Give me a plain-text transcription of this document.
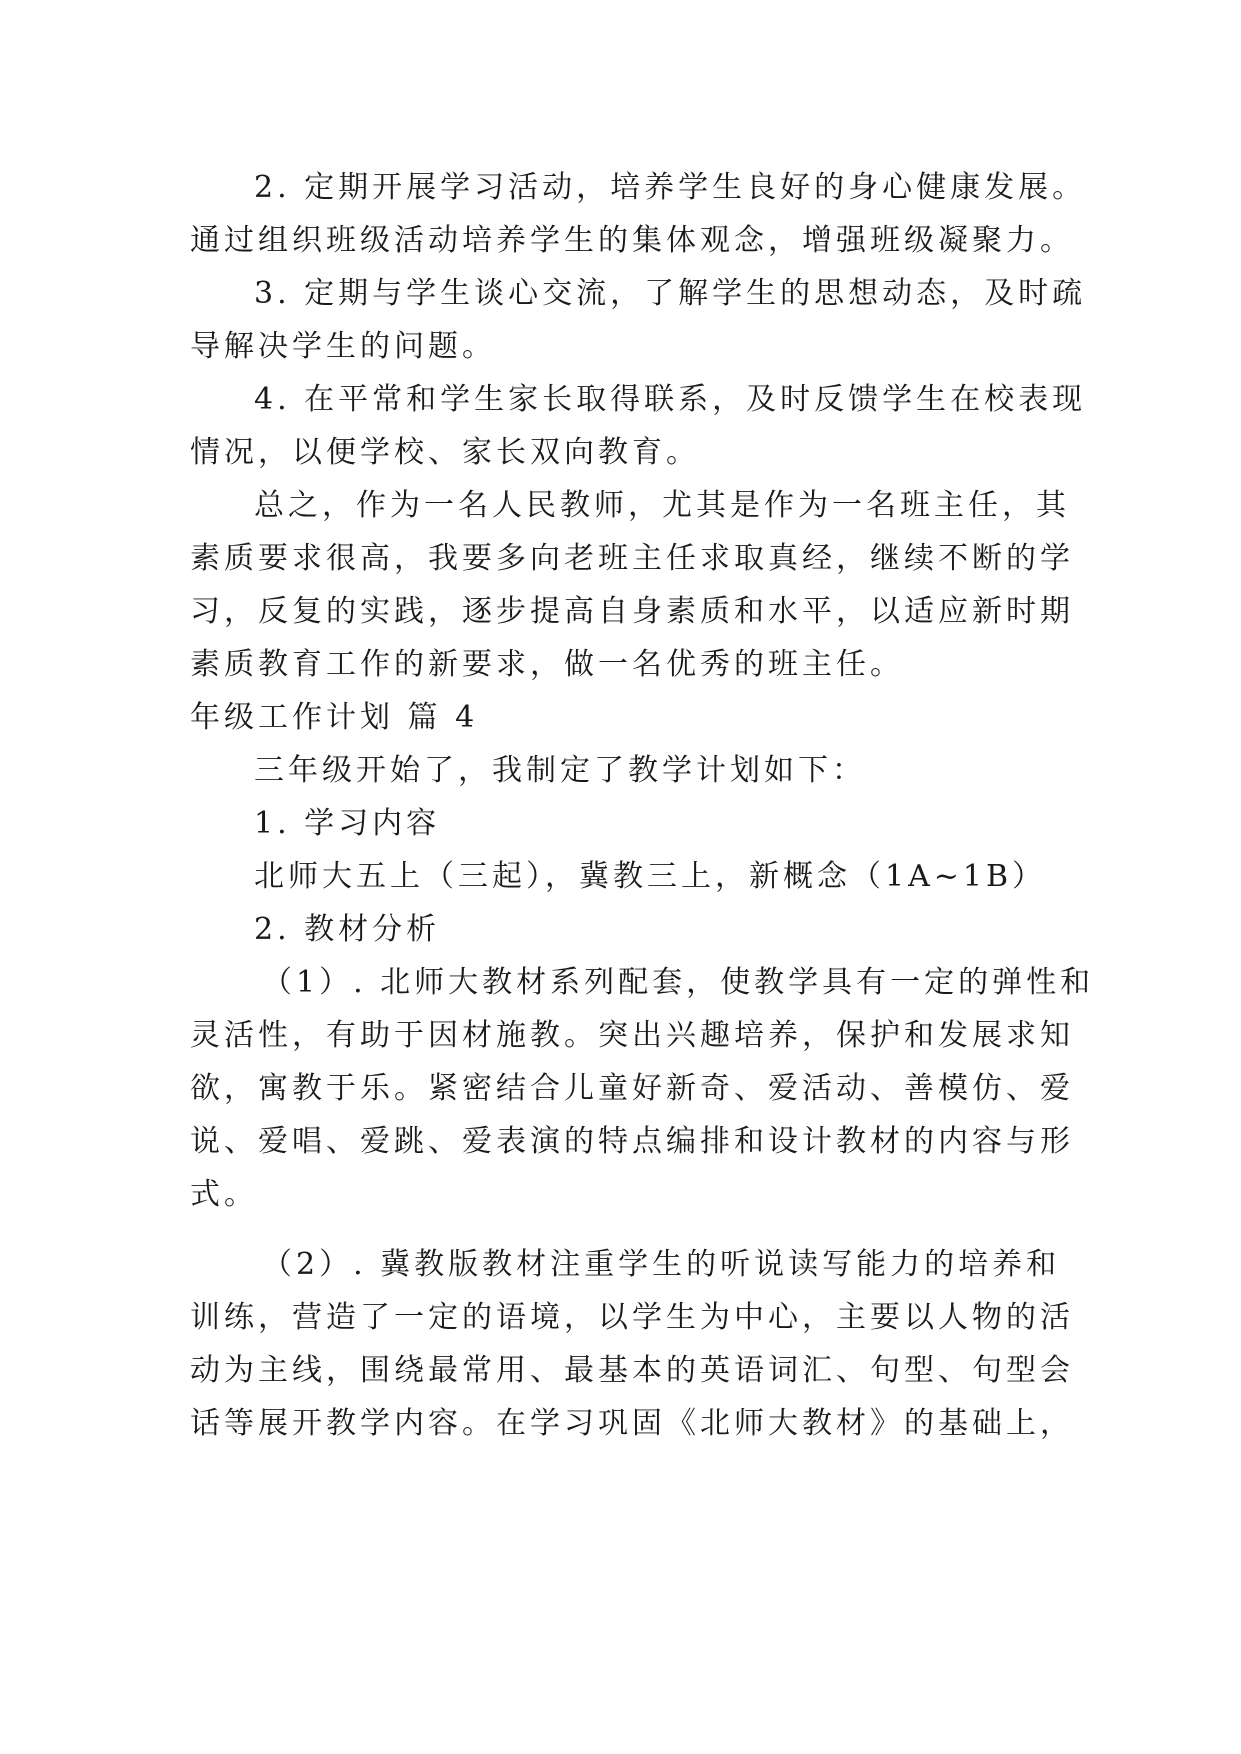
2. 定期开展学习活动，培养学生良好的身心健康发展。
通过组织班级活动培养学生的集体观念，增强班级凝聚力。
3. 定期与学生谈心交流，了解学生的思想动态，及时疏
导解决学生的问题。
4. 在平常和学生家长取得联系，及时反馈学生在校表现
情况，以便学校、家长双向教育。
总之，作为一名人民教师，尤其是作为一名班主任，其
素质要求很高，我要多向老班主任求取真经，继续不断的学
习，反复的实践，逐步提高自身素质和水平，以适应新时期
素质教育工作的新要求，做一名优秀的班主任。
年级工作计划 篇 4
三年级开始了，我制定了教学计划如下：
1. 学习内容
北师大五上（三起），冀教三上，新概念（1A~1B）
2. 教材分析
（1）. 北师大教材系列配套，使教学具有一定的弹性和
灵活性，有助于因材施教。突出兴趣培养，保护和发展求知
欲，寓教于乐。紧密结合儿童好新奇、爱活动、善模仿、爱
说、爱唱、爱跳、爱表演的特点编排和设计教材的内容与形
式。
（2）. 冀教版教材注重学生的听说读写能力的培养和
训练，营造了一定的语境，以学生为中心，主要以人物的活
动为主线，围绕最常用、最基本的英语词汇、句型、句型会
话等展开教学内容。在学习巩固《北师大教材》的基础上，
